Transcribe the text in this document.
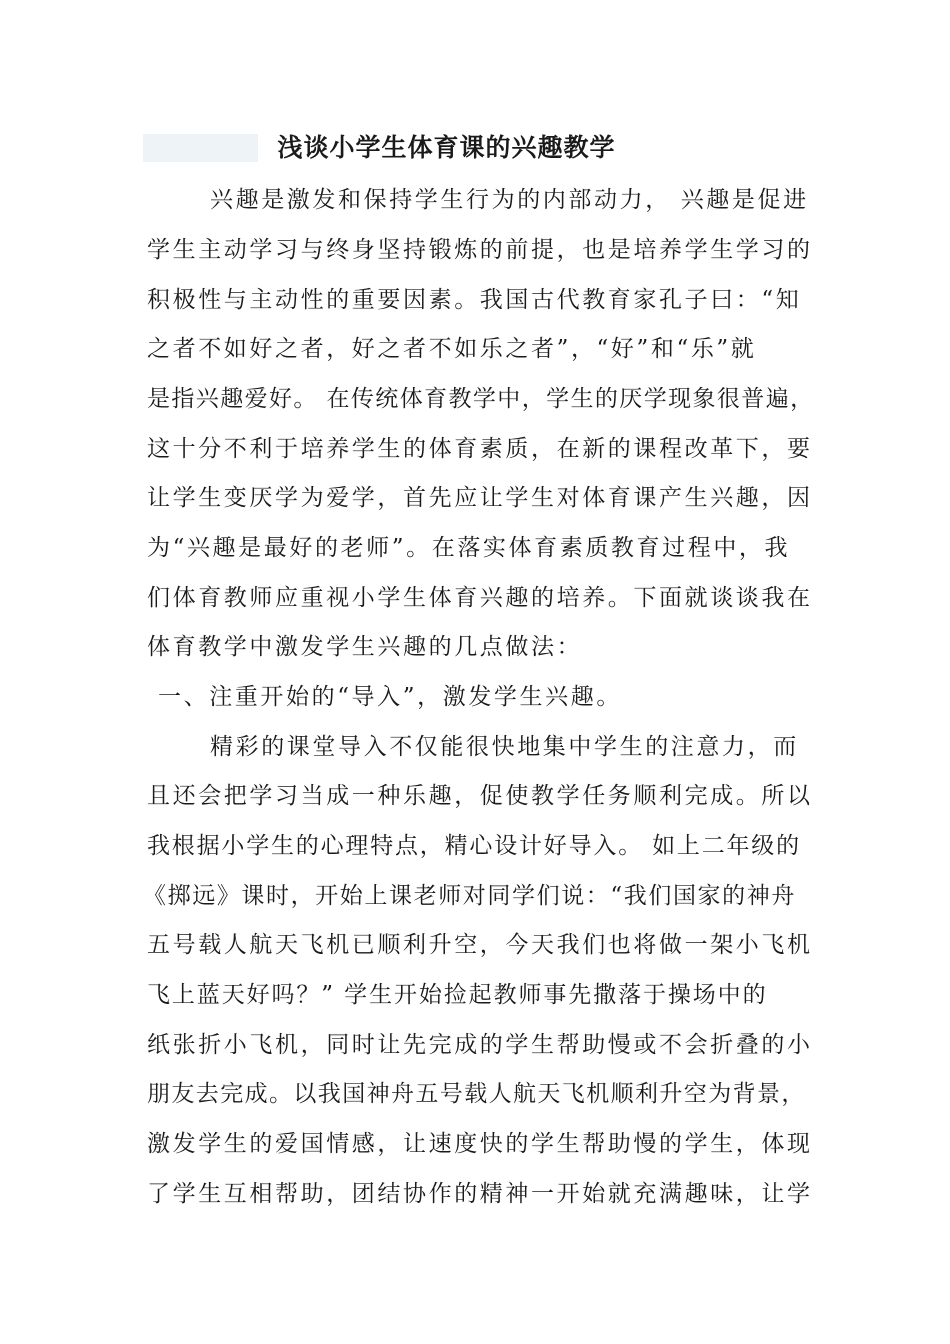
浅谈小学生体育课的兴趣教学
兴趣是激发和保持学生行为的内部动力， 兴趣是促进
学生主动学习与终身坚持锻炼的前提，也是培养学生学习的
积极性与主动性的重要因素。我国古代教育家孔子曰：“知
之者不如好之者，好之者不如乐之者”，“好”和“乐”就
是指兴趣爱好。 在传统体育教学中，学生的厌学现象很普遍，
这十分不利于培养学生的体育素质，在新的课程改革下，要
让学生变厌学为爱学，首先应让学生对体育课产生兴趣，因
为“兴趣是最好的老师”。在落实体育素质教育过程中，我
们体育教师应重视小学生体育兴趣的培养。下面就谈谈我在
体育教学中激发学生兴趣的几点做法：
一、注重开始的“导入”，激发学生兴趣。
精彩的课堂导入不仅能很快地集中学生的注意力，而
且还会把学习当成一种乐趣，促使教学任务顺利完成。所以
我根据小学生的心理特点，精心设计好导入。 如上二年级的
《掷远》课时，开始上课老师对同学们说：“我们国家的神舟
五号载人航天飞机已顺利升空，今天我们也将做一架小飞机
飞上蓝天好吗？” 学生开始捡起教师事先撒落于操场中的
纸张折小飞机，同时让先完成的学生帮助慢或不会折叠的小
朋友去完成。以我国神舟五号载人航天飞机顺利升空为背景，
激发学生的爱国情感，让速度快的学生帮助慢的学生，体现
了学生互相帮助，团结协作的精神一开始就充满趣味，让学
